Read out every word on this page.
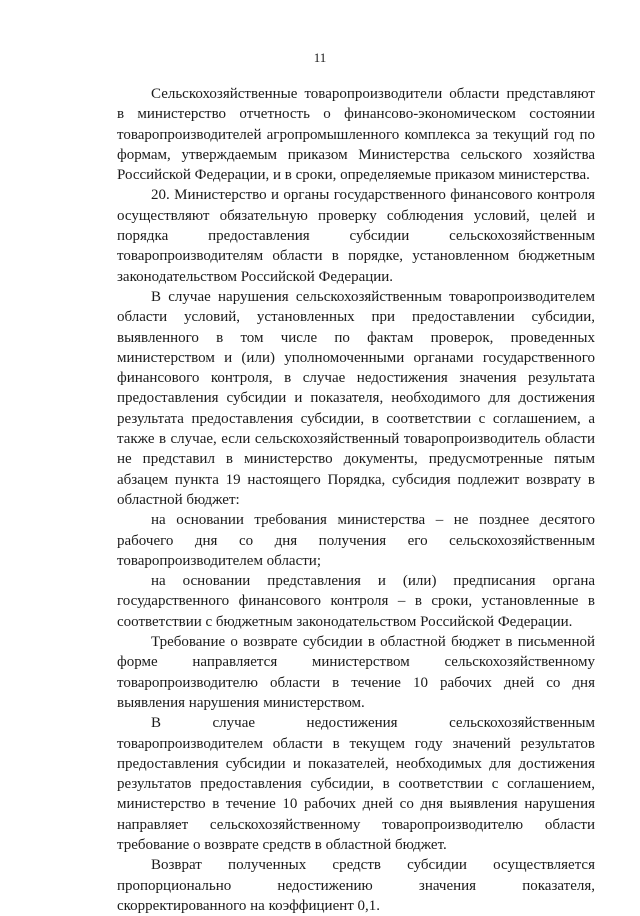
11

Сельскохозяйственные товаропроизводители области представляют в министерство отчетность о финансово-экономическом состоянии товаропроизводителей агропромышленного комплекса за текущий год по формам, утверждаемым приказом Министерства сельского хозяйства Российской Федерации, и в сроки, определяемые приказом министерства.

20. Министерство и органы государственного финансового контроля осуществляют обязательную проверку соблюдения условий, целей и порядка предоставления субсидии сельскохозяйственным товаропроизводителям области в порядке, установленном бюджетным законодательством Российской Федерации.

В случае нарушения сельскохозяйственным товаропроизводителем области условий, установленных при предоставлении субсидии, выявленного в том числе по фактам проверок, проведенных министерством и (или) уполномоченными органами государственного финансового контроля, в случае недостижения значения результата предоставления субсидии и показателя, необходимого для достижения результата предоставления субсидии, в соответствии с соглашением, а также в случае, если сельскохозяйственный товаропроизводитель области не представил в министерство документы, предусмотренные пятым абзацем пункта 19 настоящего Порядка, субсидия подлежит возврату в областной бюджет:

на основании требования министерства – не позднее десятого рабочего дня со дня получения его сельскохозяйственным товаропроизводителем области;

на основании представления и (или) предписания органа государственного финансового контроля – в сроки, установленные в соответствии с бюджетным законодательством Российской Федерации.

Требование о возврате субсидии в областной бюджет в письменной форме направляется министерством сельскохозяйственному товаропроизводителю области в течение 10 рабочих дней со дня выявления нарушения министерством.

В случае недостижения сельскохозяйственным товаропроизводителем области в текущем году значений результатов предоставления субсидии и показателей, необходимых для достижения результатов предоставления субсидии, в соответствии с соглашением, министерство в течение 10 рабочих дней со дня выявления нарушения направляет сельскохозяйственному товаропроизводителю области требование о возврате средств в областной бюджет.

Возврат полученных средств субсидии осуществляется пропорционально недостижению значения показателя, скорректированного на коэффициент 0,1.
